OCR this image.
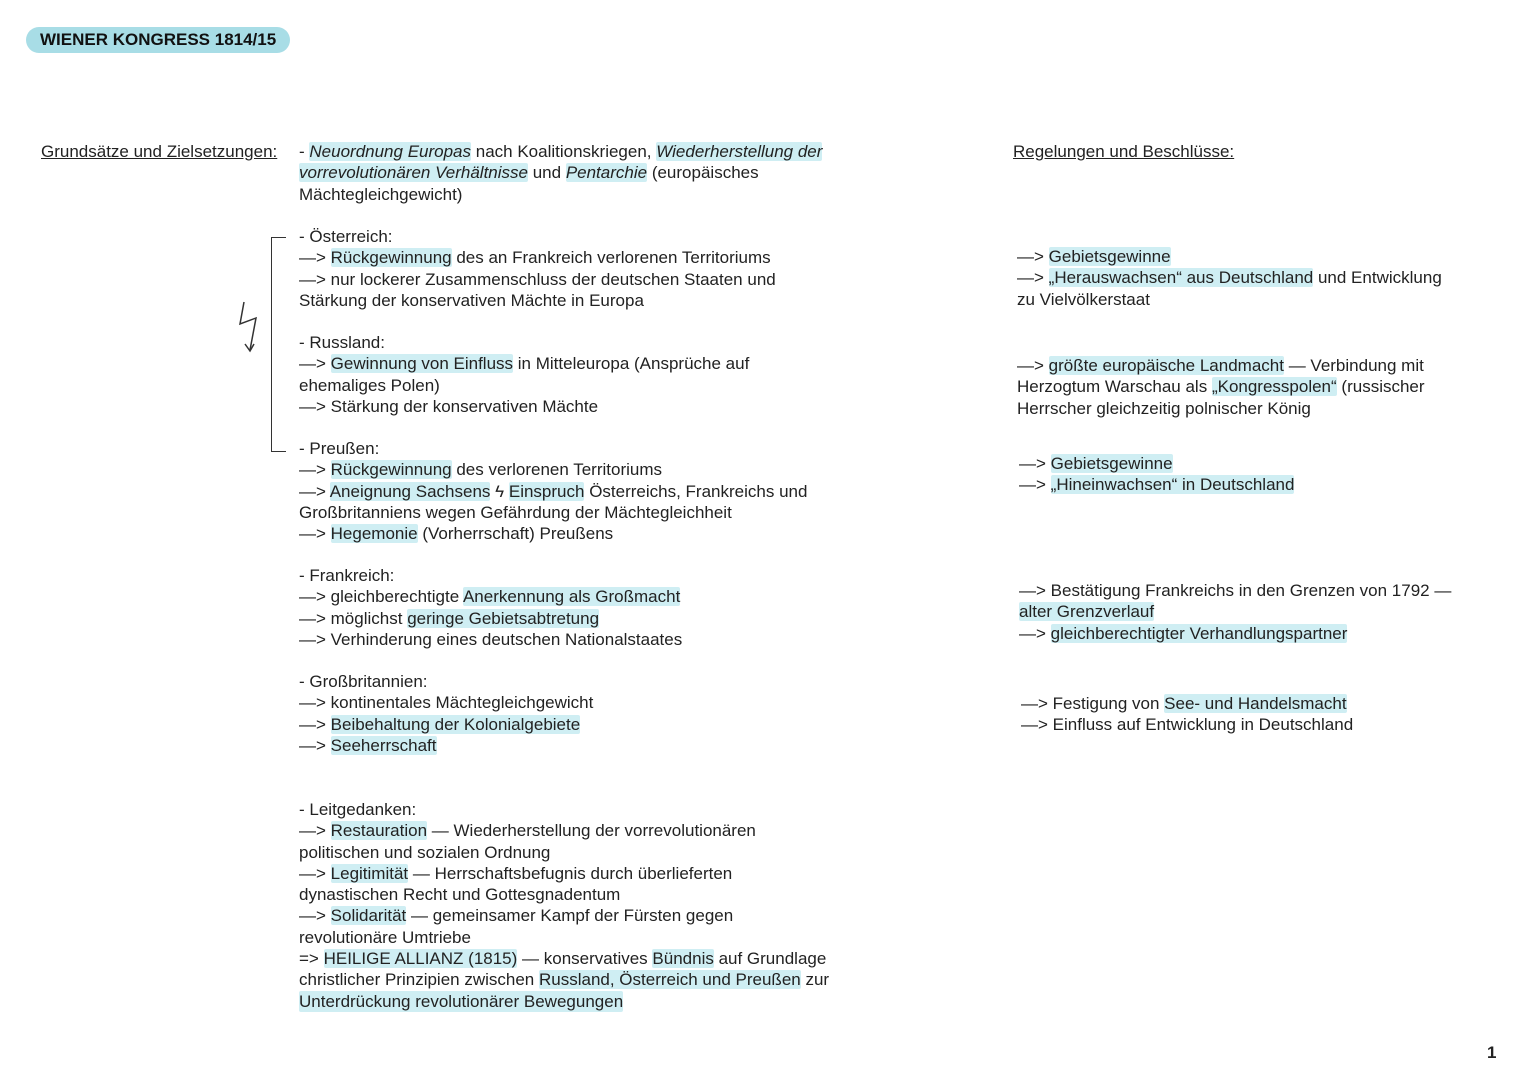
WIENER KONGRESS 1814/15
Grundsätze und Zielsetzungen:	Regelungen und Beschlüsse:
- Neuordnung Europas nach Koalitionskriegen, Wiederherstellung der
vorrevolutionären Verhältnisse und Pentarchie (europäisches
Mächtegleichgewicht)
- Österreich:
—> Rückgewinnung des an Frankreich verlorenen Territoriums
—> nur lockerer Zusammenschluss der deutschen Staaten und
Stärkung der konservativen Mächte in Europa
- Russland:
—> Gewinnung von Einfluss in Mitteleuropa (Ansprüche auf
ehemaliges Polen)
—> Stärkung der konservativen Mächte
- Preußen:
—> Rückgewinnung des verlorenen Territoriums
—> Aneignung Sachsens ϟ Einspruch Österreichs, Frankreichs und
Großbritanniens wegen Gefährdung der Mächtegleichheit
—> Hegemonie (Vorherrschaft) Preußens
- Frankreich:
—> gleichberechtigte Anerkennung als Großmacht
—> möglichst geringe Gebietsabtretung
—> Verhinderung eines deutschen Nationalstaates
- Großbritannien:
—> kontinentales Mächtegleichgewicht
—> Beibehaltung der Kolonialgebiete
—> Seeherrschaft
- Leitgedanken:
—> Restauration — Wiederherstellung der vorrevolutionären
politischen und sozialen Ordnung
—> Legitimität — Herrschaftsbefugnis durch überlieferten
dynastischen Recht und Gottesgnadentum
—> Solidarität — gemeinsamer Kampf der Fürsten gegen
revolutionäre Umtriebe
=> HEILIGE ALLIANZ (1815) — konservatives Bündnis auf Grundlage
christlicher Prinzipien zwischen Russland, Österreich und Preußen zur
Unterdrückung revolutionärer Bewegungen
—> Gebietsgewinne
—> „Herauswachsen“ aus Deutschland und Entwicklung
zu Vielvölkerstaat
—> größte europäische Landmacht — Verbindung mit
Herzogtum Warschau als „Kongresspolen“ (russischer
Herrscher gleichzeitig polnischer König
—> Gebietsgewinne
—> „Hineinwachsen“ in Deutschland
—> Bestätigung Frankreichs in den Grenzen von 1792 —
alter Grenzverlauf
—> gleichberechtigter Verhandlungspartner
—> Festigung von See- und Handelsmacht
—> Einfluss auf Entwicklung in Deutschland
1
